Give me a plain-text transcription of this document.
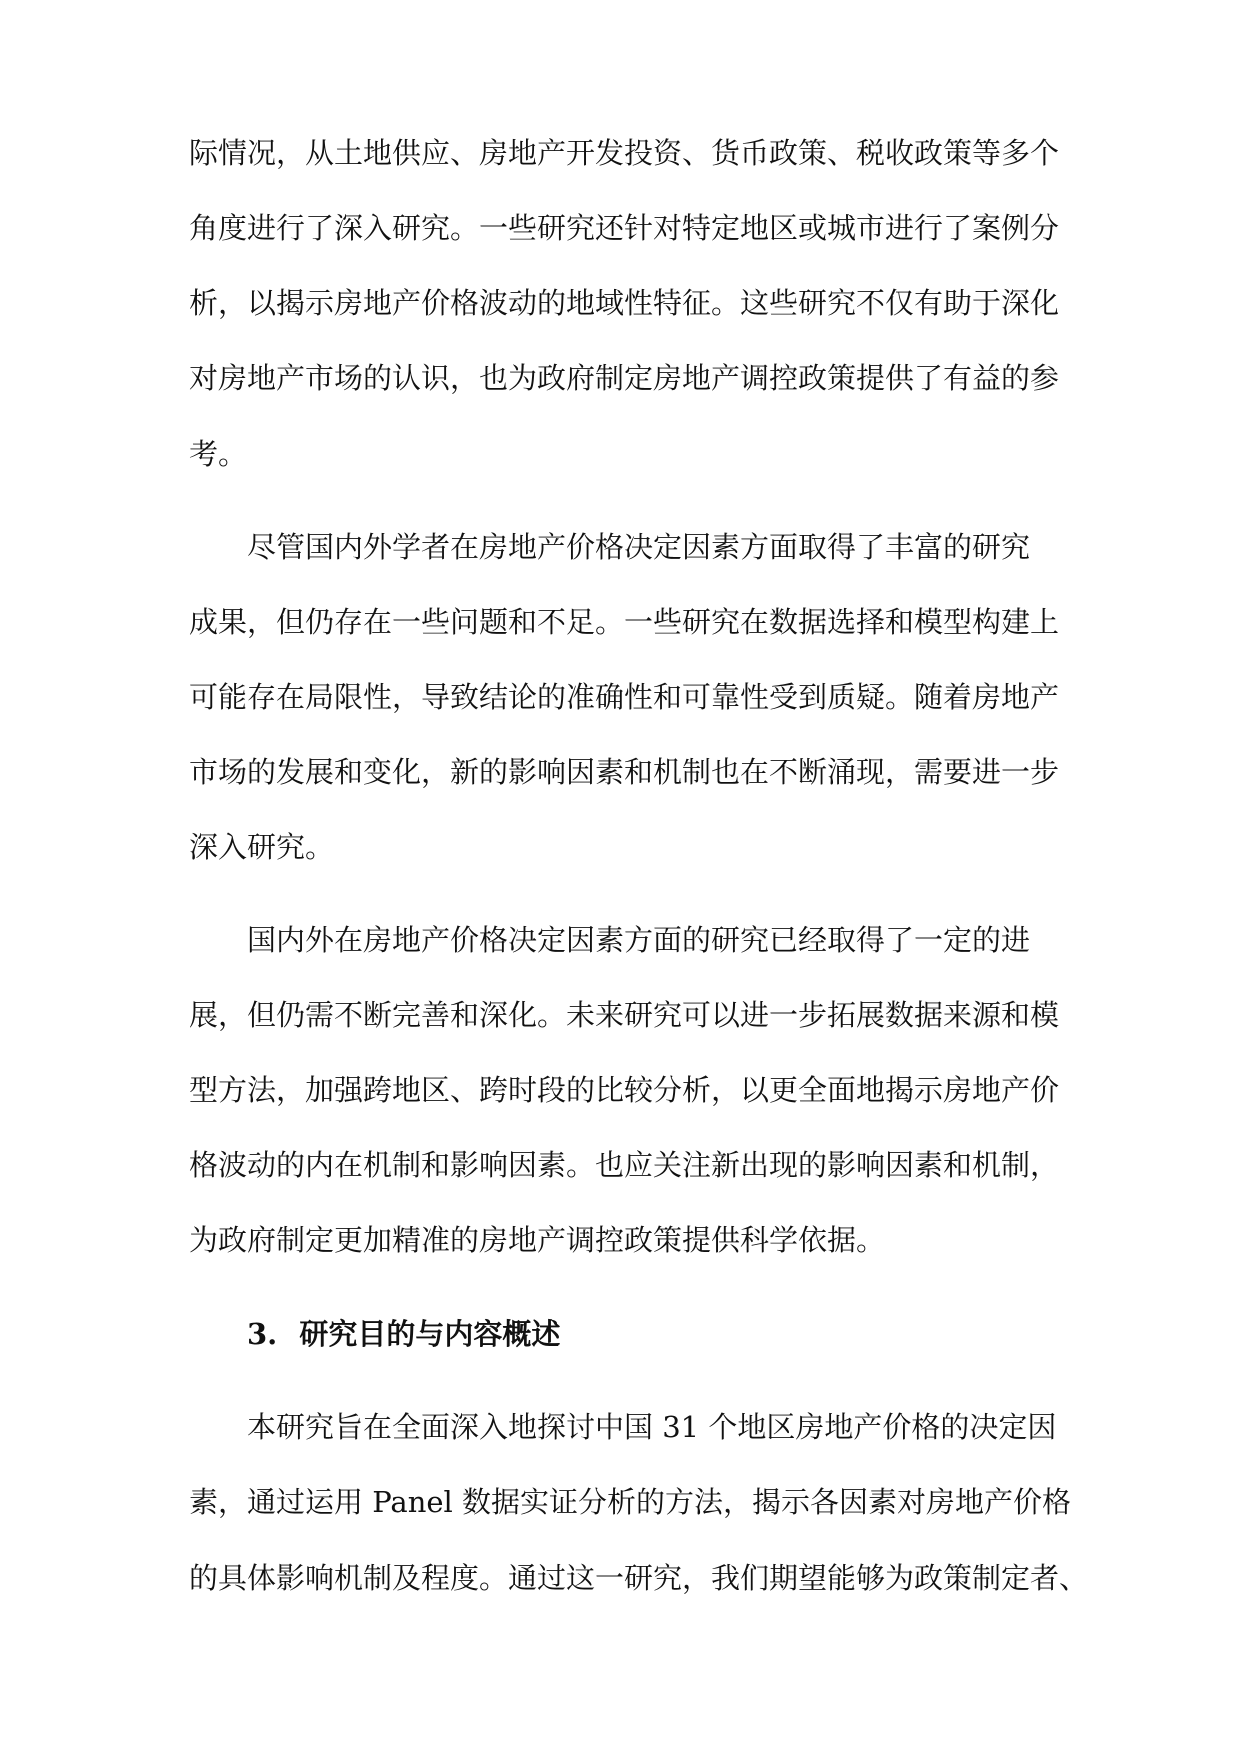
际情况，从土地供应、房地产开发投资、货币政策、税收政策等多个
角度进行了深入研究。一些研究还针对特定地区或城市进行了案例分
析，以揭示房地产价格波动的地域性特征。这些研究不仅有助于深化
对房地产市场的认识，也为政府制定房地产调控政策提供了有益的参
考。
尽管国内外学者在房地产价格决定因素方面取得了丰富的研究
成果，但仍存在一些问题和不足。一些研究在数据选择和模型构建上
可能存在局限性，导致结论的准确性和可靠性受到质疑。随着房地产
市场的发展和变化，新的影响因素和机制也在不断涌现，需要进一步
深入研究。
国内外在房地产价格决定因素方面的研究已经取得了一定的进
展，但仍需不断完善和深化。未来研究可以进一步拓展数据来源和模
型方法，加强跨地区、跨时段的比较分析，以更全面地揭示房地产价
格波动的内在机制和影响因素。也应关注新出现的影响因素和机制，
为政府制定更加精准的房地产调控政策提供科学依据。
3. 研究目的与内容概述
本研究旨在全面深入地探讨中国 31 个地区房地产价格的决定因
素，通过运用 Panel 数据实证分析的方法，揭示各因素对房地产价格
的具体影响机制及程度。通过这一研究，我们期望能够为政策制定者、
